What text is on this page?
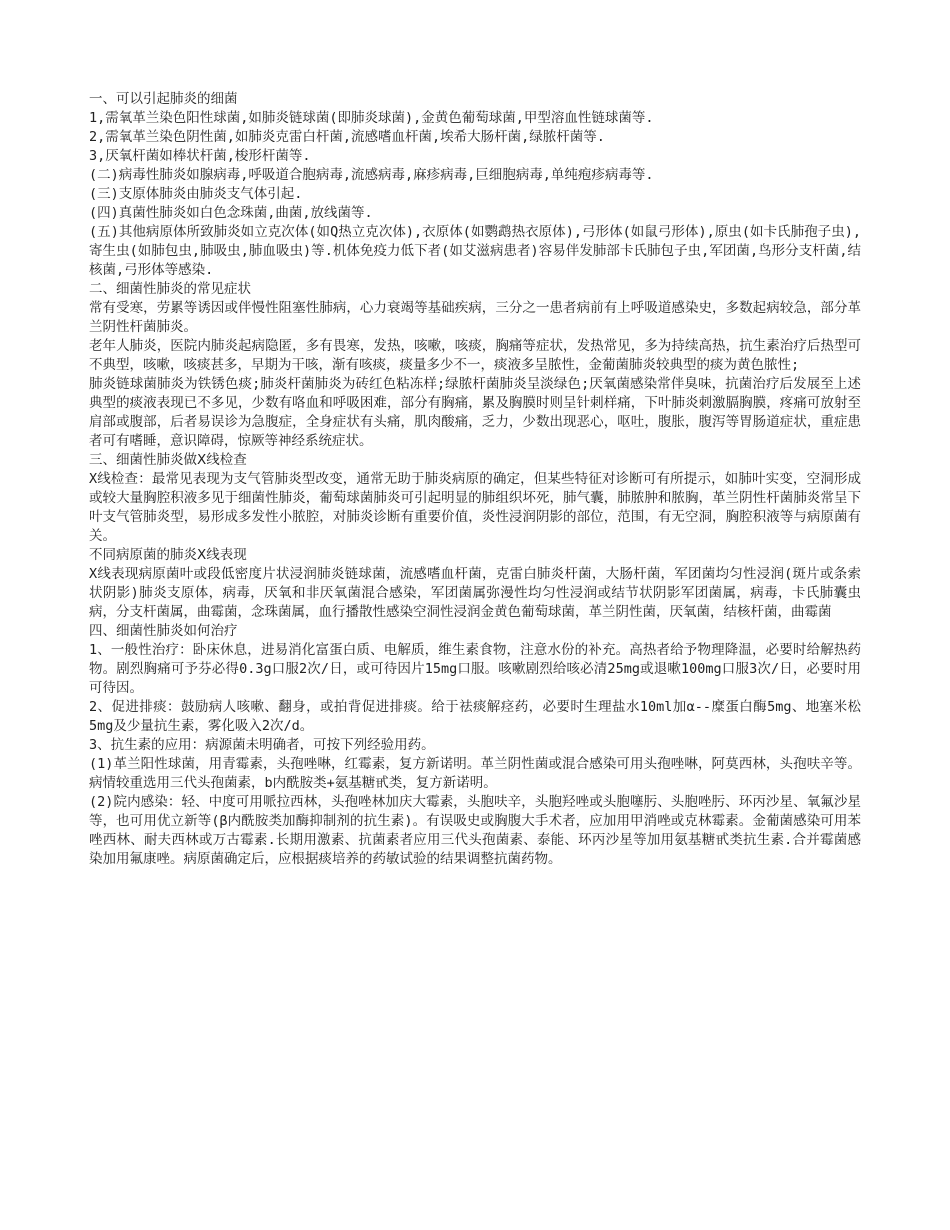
一、可以引起肺炎的细菌

1,需氧革兰染色阳性球菌,如肺炎链球菌(即肺炎球菌),金黄色葡萄球菌,甲型溶血性链球菌等.

2,需氧革兰染色阴性菌,如肺炎克雷白杆菌,流感嗜血杆菌,埃希大肠杆菌,绿脓杆菌等.

3,厌氧杆菌如棒状杆菌,梭形杆菌等.

(二)病毒性肺炎如腺病毒,呼吸道合胞病毒,流感病毒,麻疹病毒,巨细胞病毒,单纯疱疹病毒等.

(三)支原体肺炎由肺炎支气体引起.

(四)真菌性肺炎如白色念珠菌,曲菌,放线菌等.

(五)其他病原体所致肺炎如立克次体(如Q热立克次体),衣原体(如鹦鹉热衣原体),弓形体(如鼠弓形体),原虫(如卡氏肺孢子虫),寄生虫(如肺包虫,肺吸虫,肺血吸虫)等.机体免疫力低下者(如艾滋病患者)容易伴发肺部卡氏肺包子虫,军团菌,鸟形分支杆菌,结核菌,弓形体等感染.

二、细菌性肺炎的常见症状

常有受寒，劳累等诱因或伴慢性阻塞性肺病，心力衰竭等基础疾病，三分之一患者病前有上呼吸道感染史，多数起病较急，部分革兰阴性杆菌肺炎。

老年人肺炎，医院内肺炎起病隐匿，多有畏寒，发热，咳嗽，咳痰，胸痛等症状，发热常见，多为持续高热，抗生素治疗后热型可不典型，咳嗽，咳痰甚多，早期为干咳，渐有咳痰，痰量多少不一，痰液多呈脓性，金葡菌肺炎较典型的痰为黄色脓性;

肺炎链球菌肺炎为铁锈色痰;肺炎杆菌肺炎为砖红色粘冻样;绿脓杆菌肺炎呈淡绿色;厌氧菌感染常伴臭味，抗菌治疗后发展至上述典型的痰液表现已不多见，少数有咯血和呼吸困难，部分有胸痛，累及胸膜时则呈针刺样痛，下叶肺炎刺激膈胸膜，疼痛可放射至肩部或腹部，后者易误诊为急腹症，全身症状有头痛，肌肉酸痛，乏力，少数出现恶心，呕吐，腹胀，腹泻等胃肠道症状，重症患者可有嗜睡，意识障碍，惊厥等神经系统症状。

三、细菌性肺炎做X线检查

X线检查：最常见表现为支气管肺炎型改变，通常无助于肺炎病原的确定，但某些特征对诊断可有所提示，如肺叶实变，空洞形成或较大量胸腔积液多见于细菌性肺炎，葡萄球菌肺炎可引起明显的肺组织坏死，肺气囊，肺脓肿和脓胸，革兰阴性杆菌肺炎常呈下叶支气管肺炎型，易形成多发性小脓腔，对肺炎诊断有重要价值，炎性浸润阴影的部位，范围，有无空洞，胸腔积液等与病原菌有关。

不同病原菌的肺炎X线表现

X线表现病原菌叶或段低密度片状浸润肺炎链球菌，流感嗜血杆菌，克雷白肺炎杆菌，大肠杆菌，军团菌均匀性浸润(斑片或条索状阴影)肺炎支原体，病毒，厌氧和非厌氧菌混合感染，军团菌属弥漫性均匀性浸润或结节状阴影军团菌属，病毒，卡氏肺囊虫病，分支杆菌属，曲霉菌，念珠菌属，血行播散性感染空洞性浸润金黄色葡萄球菌，革兰阴性菌，厌氧菌，结核杆菌，曲霉菌

四、细菌性肺炎如何治疗

1、一般性治疗：卧床休息，进易消化富蛋白质、电解质，维生素食物，注意水份的补充。高热者给予物理降温，必要时给解热药物。剧烈胸痛可予芬必得0.3g口服2次/日，或可待因片15mg口服。咳嗽剧烈给咳必清25mg或退嗽100mg口服3次/日，必要时用可待因。

2、促进排痰：鼓励病人咳嗽、翻身，或拍背促进排痰。给于祛痰解痉药，必要时生理盐水10ml加α--糜蛋白酶5mg、地塞米松5mg及少量抗生素，雾化吸入2次/d。

3、抗生素的应用：病源菌未明确者，可按下列经验用药。

(1)革兰阳性球菌，用青霉素，头孢唑啉，红霉素，复方新诺明。革兰阴性菌或混合感染可用头孢唑啉，阿莫西林，头孢呋辛等。病情较重选用三代头孢菌素，b内酰胺类+氨基糖甙类，复方新诺明。

(2)院内感染：轻、中度可用哌拉西林，头孢唑林加庆大霉素，头胞呋辛，头胞羟唑或头胞噻肟、头胞唑肟、环丙沙星、氧氟沙星等，也可用优立新等(β内酰胺类加酶抑制剂的抗生素)。有误吸史或胸腹大手术者，应加用甲消唑或克林霉素。金葡菌感染可用苯唑西林、耐夫西林或万古霉素.长期用激素、抗菌素者应用三代头孢菌素、泰能、环丙沙星等加用氨基糖甙类抗生素.合并霉菌感染加用氟康唑。病原菌确定后，应根据痰培养的药敏试验的结果调整抗菌药物。
